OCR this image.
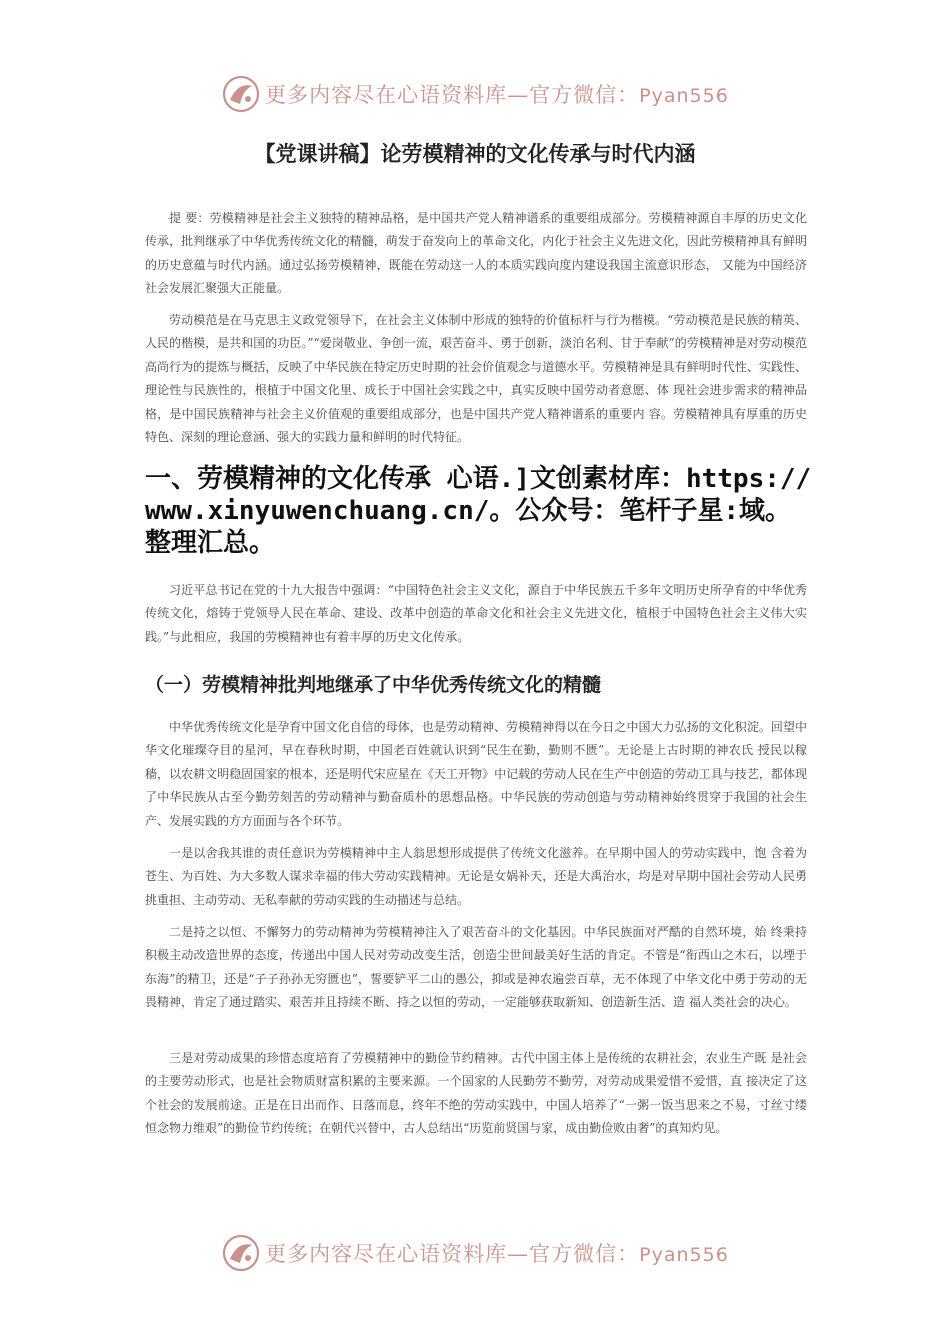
更多内容尽在心语资料库—官方微信：Pyan556
【党课讲稿】论劳模精神的文化传承与时代内涵

提 要：劳模精神是社会主义独特的精神品格，是中国共产党人精神谱系的重要组成部分。劳模精神源自丰厚的历史文化传承，批判继承了中华优秀传统文化的精髓，萌发于奋发向上的革命文化，内化于社会主义先进文化，因此劳模精神具有鲜明的历史意蕴与时代内涵。通过弘扬劳模精神，既能在劳动这一人的本质实践向度内建设我国主流意识形态， 又能为中国经济社会发展汇聚强大正能量。

劳动模范是在马克思主义政党领导下，在社会主义体制中形成的独特的价值标杆与行为楷模。“劳动模范是民族的精英、人民的楷模，是共和国的功臣。”“爱岗敬业、争创一流，艰苦奋斗、勇于创新，淡泊名利、甘于奉献”的劳模精神是对劳动模范高尚行为的提炼与概括，反映了中华民族在特定历史时期的社会价值观念与道德水平。劳模精神是具有鲜明时代性、实践性、理论性与民族性的，根植于中国文化里、成长于中国社会实践之中，真实反映中国劳动者意愿、体 现社会进步需求的精神品格，是中国民族精神与社会主义价值观的重要组成部分，也是中国共产党人精神谱系的重要内 容。劳模精神具有厚重的历史特色、深刻的理论意涵、强大的实践力量和鲜明的时代特征。

一、劳模精神的文化传承 心语.]文创素材库：https://www.xinyuwenchuang.cn/。公众号：笔杆子星:域。整理汇总。

习近平总书记在党的十九大报告中强调：“中国特色社会主义文化，源自于中华民族五千多年文明历史所孕育的中华优秀传统文化，熔铸于党领导人民在革命、建设、改革中创造的革命文化和社会主义先进文化，植根于中国特色社会主义伟大实践。”与此相应，我国的劳模精神也有着丰厚的历史文化传承。

（一）劳模精神批判地继承了中华优秀传统文化的精髓

中华优秀传统文化是孕育中国文化自信的母体，也是劳动精神、劳模精神得以在今日之中国大力弘扬的文化积淀。回望中华文化璀璨夺目的星河，早在春秋时期，中国老百姓就认识到“民生在勤，勤则不匮”。无论是上古时期的神农氏 授民以稼穑，以农耕文明稳固国家的根本，还是明代宋应星在《天工开物》中记载的劳动人民在生产中创造的劳动工具与技艺，都体现了中华民族从古至今勤劳刻苦的劳动精神与勤奋质朴的思想品格。中华民族的劳动创造与劳动精神始终贯穿于我国的社会生产、发展实践的方方面面与各个环节。

一是以舍我其谁的责任意识为劳模精神中主人翁思想形成提供了传统文化滋养。在早期中国人的劳动实践中，饱 含着为苍生、为百姓、为大多数人谋求幸福的伟大劳动实践精神。无论是女娲补天，还是大禹治水，均是对早期中国社会劳动人民勇挑重担、主动劳动、无私奉献的劳动实践的生动描述与总结。

二是持之以恒、不懈努力的劳动精神为劳模精神注入了艰苦奋斗的文化基因。中华民族面对严酷的自然环境，始 终秉持积极主动改造世界的态度，传递出中国人民对劳动改变生活，创造尘世间最美好生活的肯定。不管是“衔西山之木石，以堙于东海”的精卫，还是“子子孙孙无穷匮也”，誓要铲平二山的愚公，抑或是神农遍尝百草，无不体现了中华文化中勇于劳动的无畏精神，肯定了通过踏实、艰苦并且持续不断、持之以恒的劳动，一定能够获取新知、创造新生活、造 福人类社会的决心。

三是对劳动成果的珍惜态度培育了劳模精神中的勤俭节约精神。古代中国主体上是传统的农耕社会，农业生产既 是社会的主要劳动形式，也是社会物质财富积累的主要来源。一个国家的人民勤劳不勤劳，对劳动成果爱惜不爱惜，直 接决定了这个社会的发展前途。正是在日出而作、日落而息，终年不绝的劳动实践中，中国人培养了“一粥一饭当思来之不易，寸丝寸缕恒念物力维艰”的勤俭节约传统；在朝代兴替中，古人总结出“历览前贤国与家，成由勤俭败由奢”的真知灼见。

更多内容尽在心语资料库—官方微信：Pyan556
